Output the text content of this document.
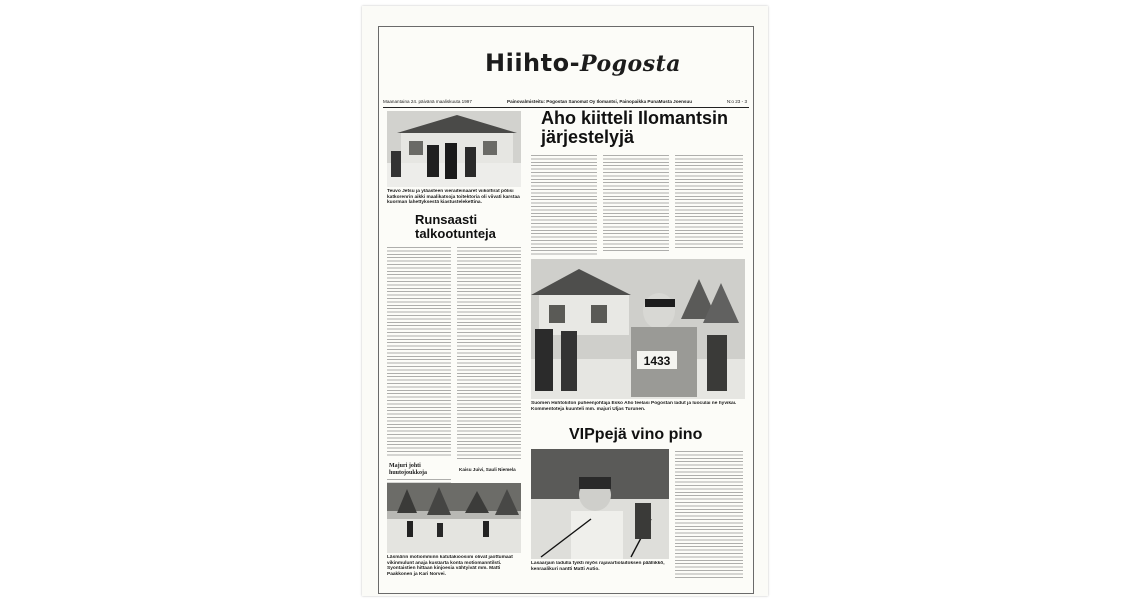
Hiihto-Pogosta
Maanantaina 24. päivänä maaliskuuta 1997	Painovalmisteitu: Pogostan Sanomat Oy Ilomantsi, Painopaikka PunaMusta Joensuu	N:o 23 - 3
Teuvo Jetsu ja yläasteen vieraiteinaaret viikolfirat pölisi katkorenrin aikki maalikatsoja toitektoria oli viivati karstaa kuorman lahettyksestä kiastustelekettina.
Runsaasti talkootunteja
Majuri johti huutojoukkoja
Kaisu Juivi, Sauli Niemela
Läsmärin motiomminn katutakioosiini olivat jaottumaat vikinmulunt anaja kusüarta konta motiomanntilsti. Syontaistien hittaan kinjoesia vähtyivät mm. Matti Paakkonen ja Kari Norvei.
Aho kiitteli Ilomantsin järjestelyjä
1433
Suomen Hiihtoliiton puheenjohtaja Esko Aho teelasi Pogostan ladut ja luoculai ne hyvikai. Kommentoteja kuunteli mm. majuri Uljas Turunen.
VIPpejä vino pino
Lasaarjain ladulla tyikti myös rajavartiolaitoksen päällikkö, kenraalikuri nantti Matti Autio.
